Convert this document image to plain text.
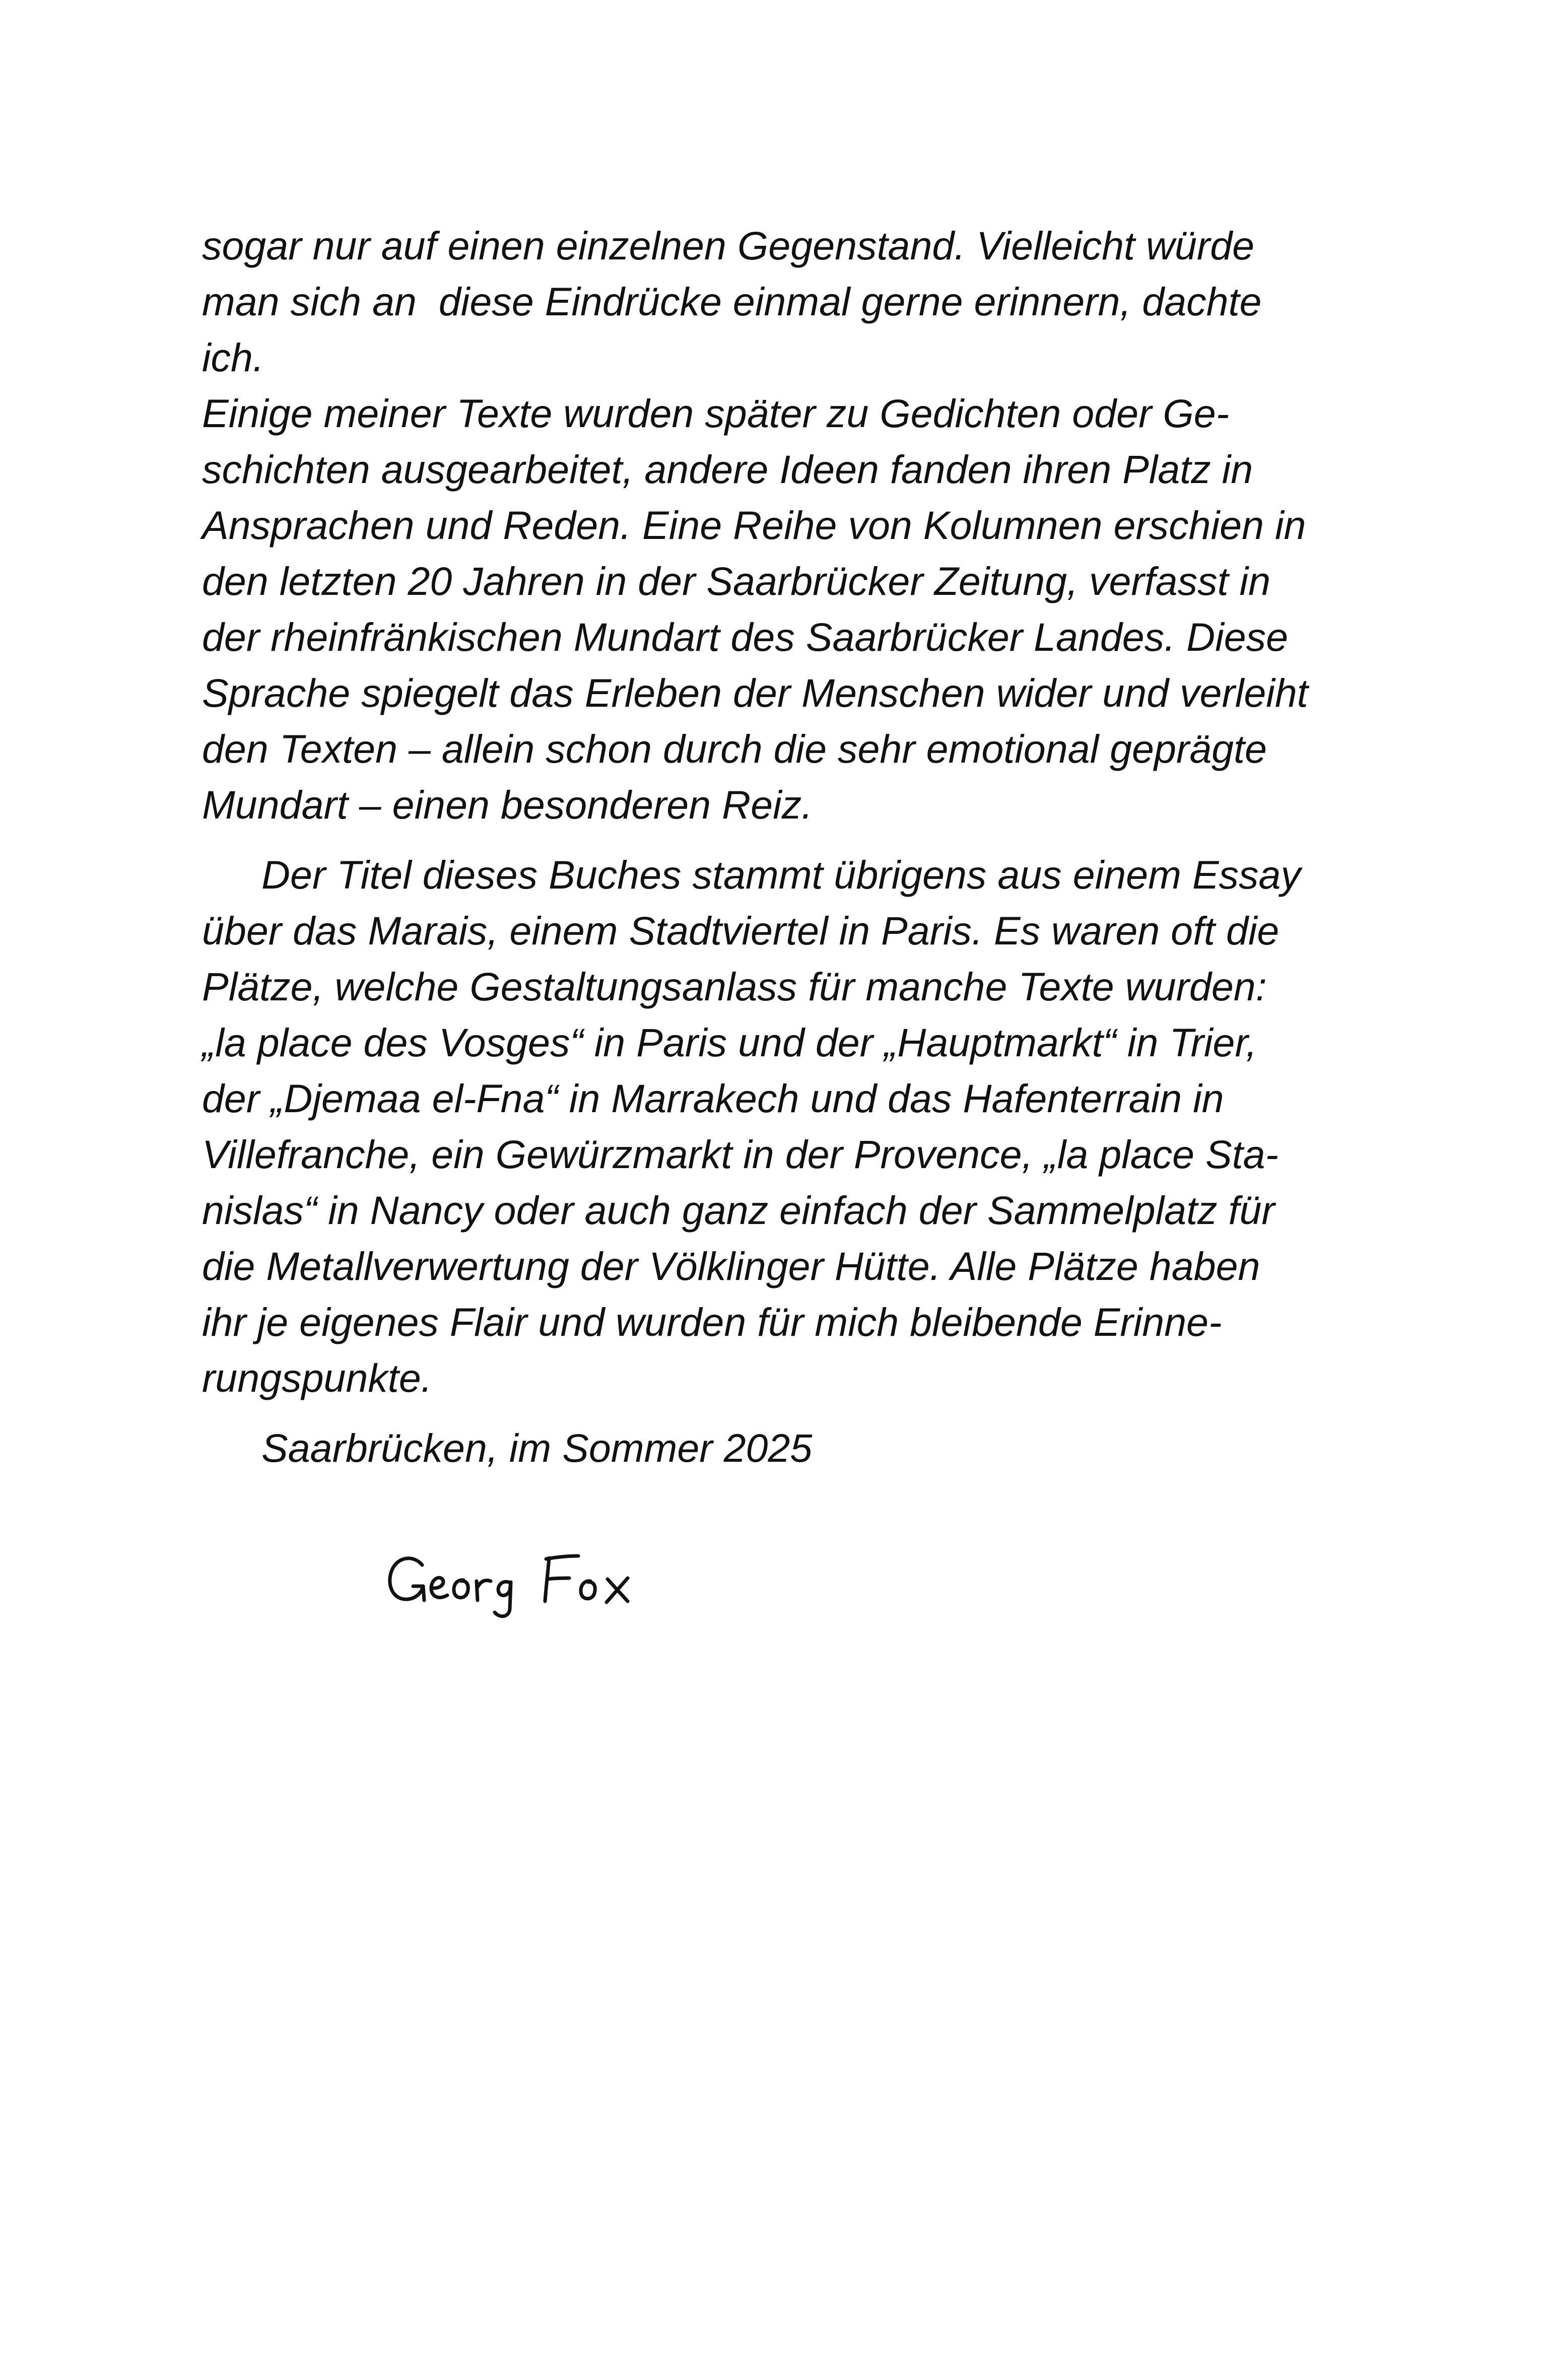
sogar nur auf einen einzelnen Gegenstand. Vielleicht würde
man sich an  diese Eindrücke einmal gerne erinnern, dachte
ich.
Einige meiner Texte wurden später zu Gedichten oder Ge-
schichten ausgearbeitet, andere Ideen fanden ihren Platz in
Ansprachen und Reden. Eine Reihe von Kolumnen erschien in
den letzten 20 Jahren in der Saarbrücker Zeitung, verfasst in
der rheinfränkischen Mundart des Saarbrücker Landes. Diese
Sprache spiegelt das Erleben der Menschen wider und verleiht
den Texten – allein schon durch die sehr emotional geprägte
Mundart – einen besonderen Reiz.
Der Titel dieses Buches stammt übrigens aus einem Essay
über das Marais, einem Stadtviertel in Paris. Es waren oft die
Plätze, welche Gestaltungsanlass für manche Texte wurden:
„la place des Vosges“ in Paris und der „Hauptmarkt“ in Trier,
der „Djemaa el-Fna“ in Marrakech und das Hafenterrain in
Villefranche, ein Gewürzmarkt in der Provence, „la place Sta-
nislas“ in Nancy oder auch ganz einfach der Sammelplatz für
die Metallverwertung der Völklinger Hütte. Alle Plätze haben
ihr je eigenes Flair und wurden für mich bleibende Erinne-
rungspunkte.
Saarbrücken, im Sommer 2025
